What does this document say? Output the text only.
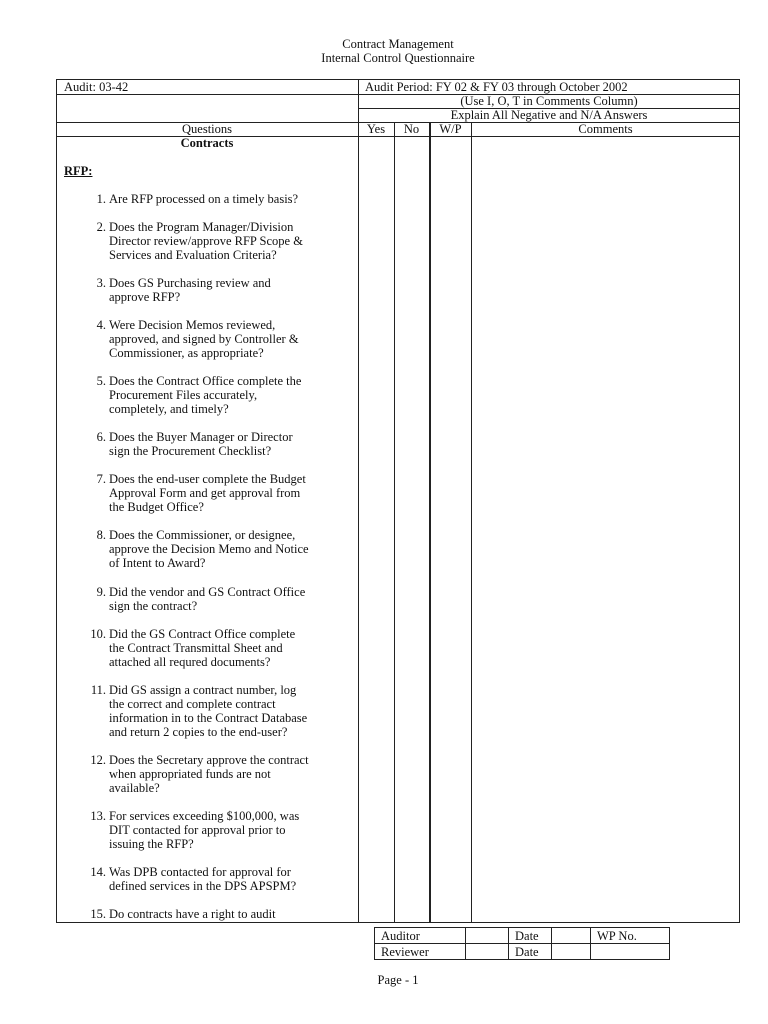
Contract Management
Internal Control Questionnaire
Audit: 03-42	Audit Period: FY 02 & FY 03 through October 2002
(Use I, O, T in Comments Column)
Explain All Negative and N/A Answers
Questions	Yes	No	W/P	Comments
Contracts
RFP:
1. Are RFP processed on a timely basis?
2. Does the Program Manager/Division
Director review/approve RFP Scope &
Services and Evaluation Criteria?
3. Does GS Purchasing review and
approve RFP?
4. Were Decision Memos reviewed,
approved, and signed by Controller &
Commissioner, as appropriate?
5. Does the Contract Office complete the
Procurement Files accurately,
completely, and timely?
6. Does the Buyer Manager or Director
sign the Procurement Checklist?
7. Does the end-user complete the Budget
Approval Form and get approval from
the Budget Office?
8. Does the Commissioner, or designee,
approve the Decision Memo and Notice
of Intent to Award?
9. Did the vendor and GS Contract Office
sign the contract?
10. Did the GS Contract Office complete
the Contract Transmittal Sheet and
attached all requred documents?
11. Did GS assign a contract number, log
the correct and complete contract
information in to the Contract Database
and return 2 copies to the end-user?
12. Does the Secretary approve the contract
when appropriated funds are not
available?
13. For services exceeding $100,000, was
DIT contacted for approval prior to
issuing the RFP?
14. Was DPB contacted for approval for
defined services in the DPS APSPM?
15. Do contracts have a right to audit
Auditor		Date		WP No.
Reviewer		Date		
Page - 1
